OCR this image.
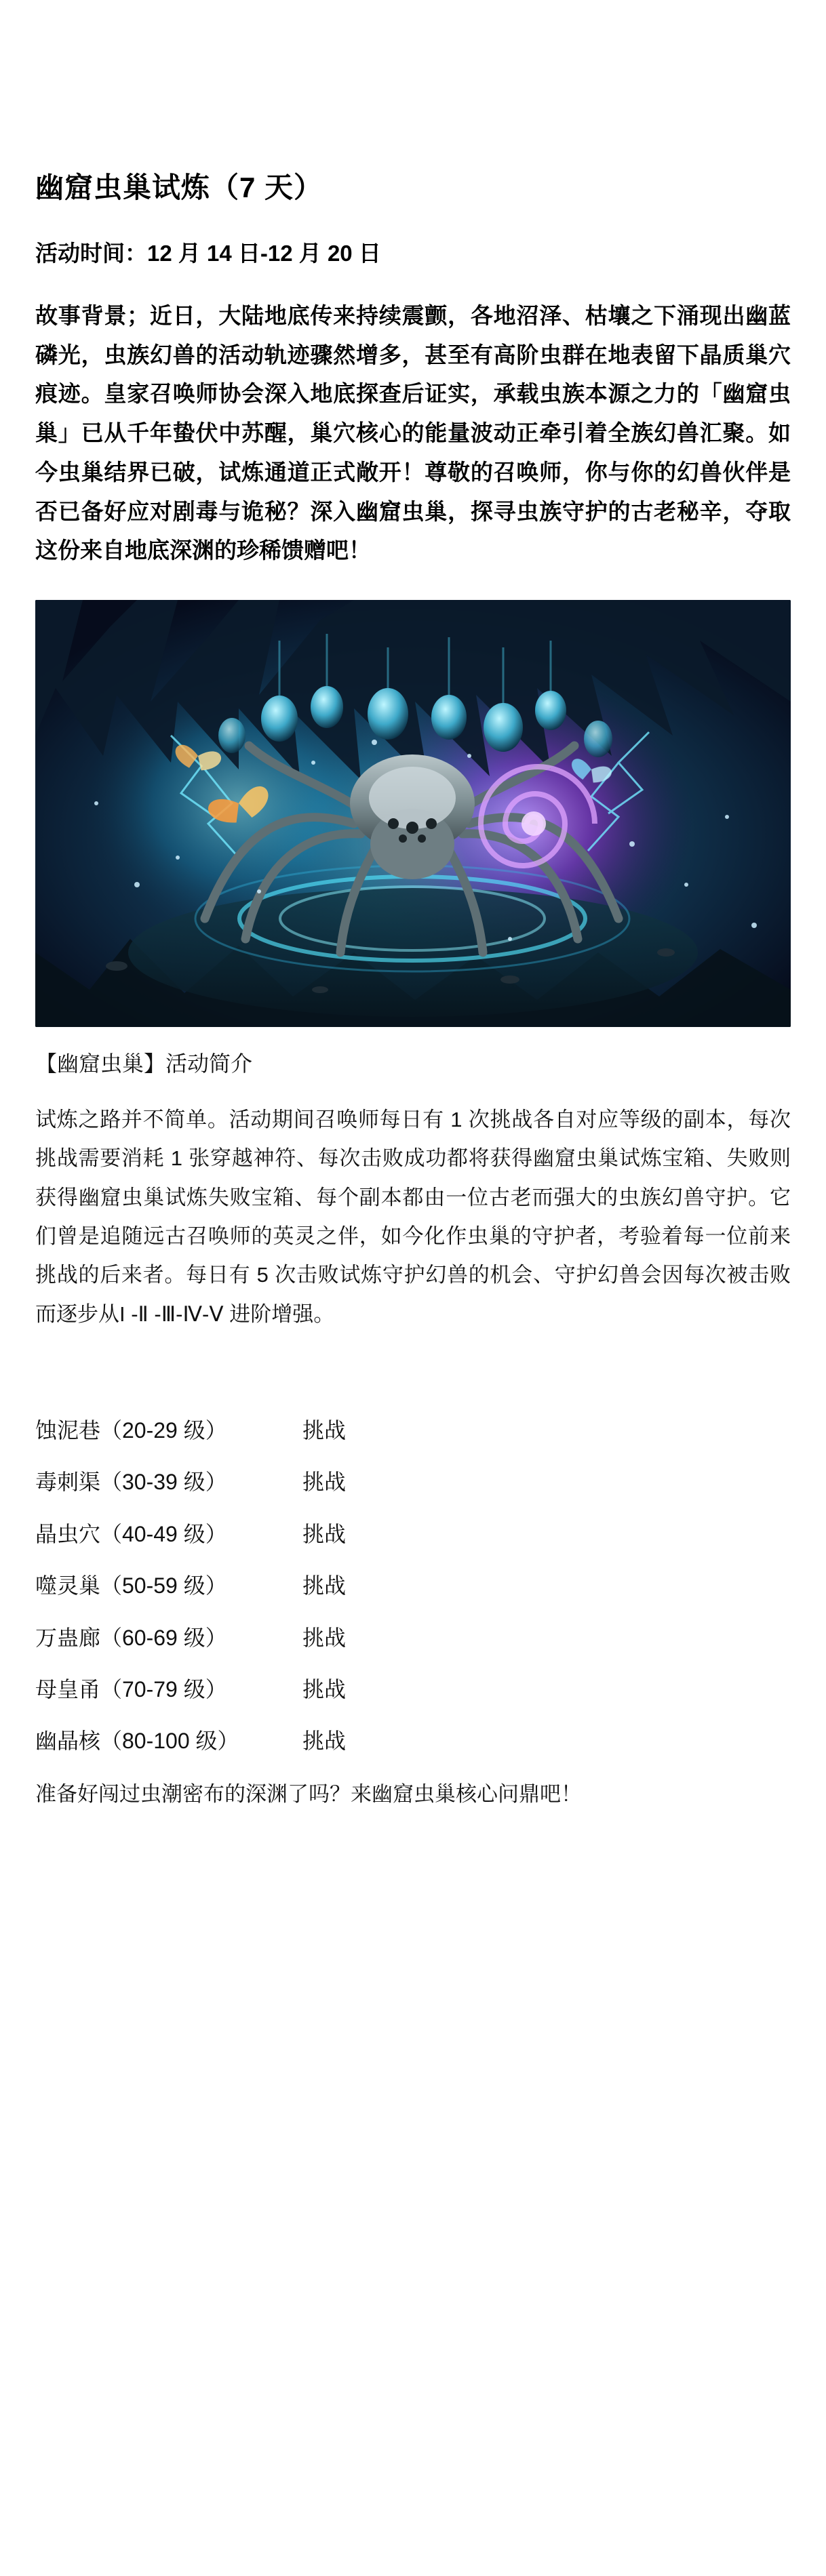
幽窟虫巢试炼（7 天）

活动时间：12 月 14 日-12 月 20 日

故事背景；近日，大陆地底传来持续震颤，各地沼泽、枯壤之下涌现出幽蓝磷光，虫族幻兽的活动轨迹骤然增多，甚至有高阶虫群在地表留下晶质巢穴痕迹。皇家召唤师协会深入地底探查后证实，承载虫族本源之力的「幽窟虫巢」已从千年蛰伏中苏醒，巢穴核心的能量波动正牵引着全族幻兽汇聚。如今虫巢结界已破，试炼通道正式敞开！尊敬的召唤师，你与你的幻兽伙伴是否已备好应对剧毒与诡秘？深入幽窟虫巢，探寻虫族守护的古老秘辛，夺取这份来自地底深渊的珍稀馈赠吧！

【幽窟虫巢】活动简介

试炼之路并不简单。活动期间召唤师每日有 1 次挑战各自对应等级的副本，每次挑战需要消耗 1 张穿越神符、每次击败成功都将获得幽窟虫巢试炼宝箱、失败则获得幽窟虫巢试炼失败宝箱、每个副本都由一位古老而强大的虫族幻兽守护。它们曾是追随远古召唤师的英灵之伴，如今化作虫巢的守护者，考验着每一位前来挑战的后来者。每日有 5 次击败试炼守护幻兽的机会、守护幻兽会因每次被击败而逐步从I -Ⅱ -Ⅲ-Ⅳ-Ⅴ 进阶增强。

蚀泥巷（20-29 级）	挑战
毒刺渠（30-39 级）	挑战
晶虫穴（40-49 级）	挑战
噬灵巢（50-59 级）	挑战
万蛊廊（60-69 级）	挑战
母皇甬（70-79 级）	挑战
幽晶核（80-100 级）	挑战

准备好闯过虫潮密布的深渊了吗？来幽窟虫巢核心问鼎吧！
